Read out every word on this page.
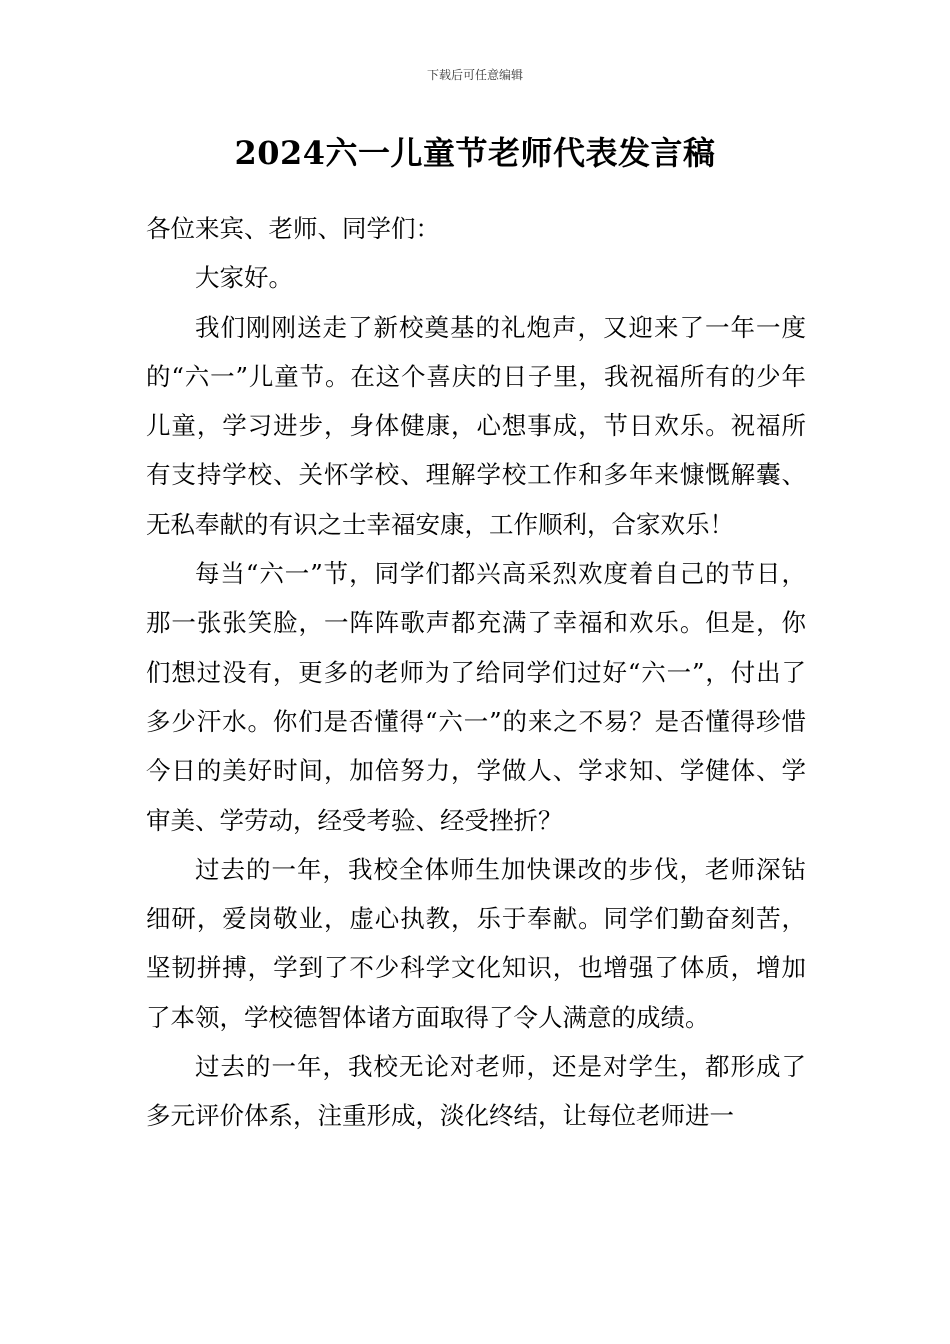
下载后可任意编辑
2024六一儿童节老师代表发言稿

各位来宾、老师、同学们：

大家好。

我们刚刚送走了新校奠基的礼炮声，又迎来了一年一度的“六一”儿童节。在这个喜庆的日子里，我祝福所有的少年儿童，学习进步，身体健康，心想事成，节日欢乐。祝福所有支持学校、关怀学校、理解学校工作和多年来慷慨解囊、无私奉献的有识之士幸福安康，工作顺利，合家欢乐！

每当“六一”节，同学们都兴高采烈欢度着自己的节日，那一张张笑脸，一阵阵歌声都充满了幸福和欢乐。但是，你们想过没有，更多的老师为了给同学们过好“六一”，付出了多少汗水。你们是否懂得“六一”的来之不易？是否懂得珍惜今日的美好时间，加倍努力，学做人、学求知、学健体、学审美、学劳动，经受考验、经受挫折？

过去的一年，我校全体师生加快课改的步伐，老师深钻细研，爱岗敬业，虚心执教，乐于奉献。同学们勤奋刻苦，坚韧拼搏，学到了不少科学文化知识，也增强了体质，增加了本领，学校德智体诸方面取得了令人满意的成绩。

过去的一年，我校无论对老师，还是对学生，都形成了多元评价体系，注重形成，淡化终结，让每位老师进一
